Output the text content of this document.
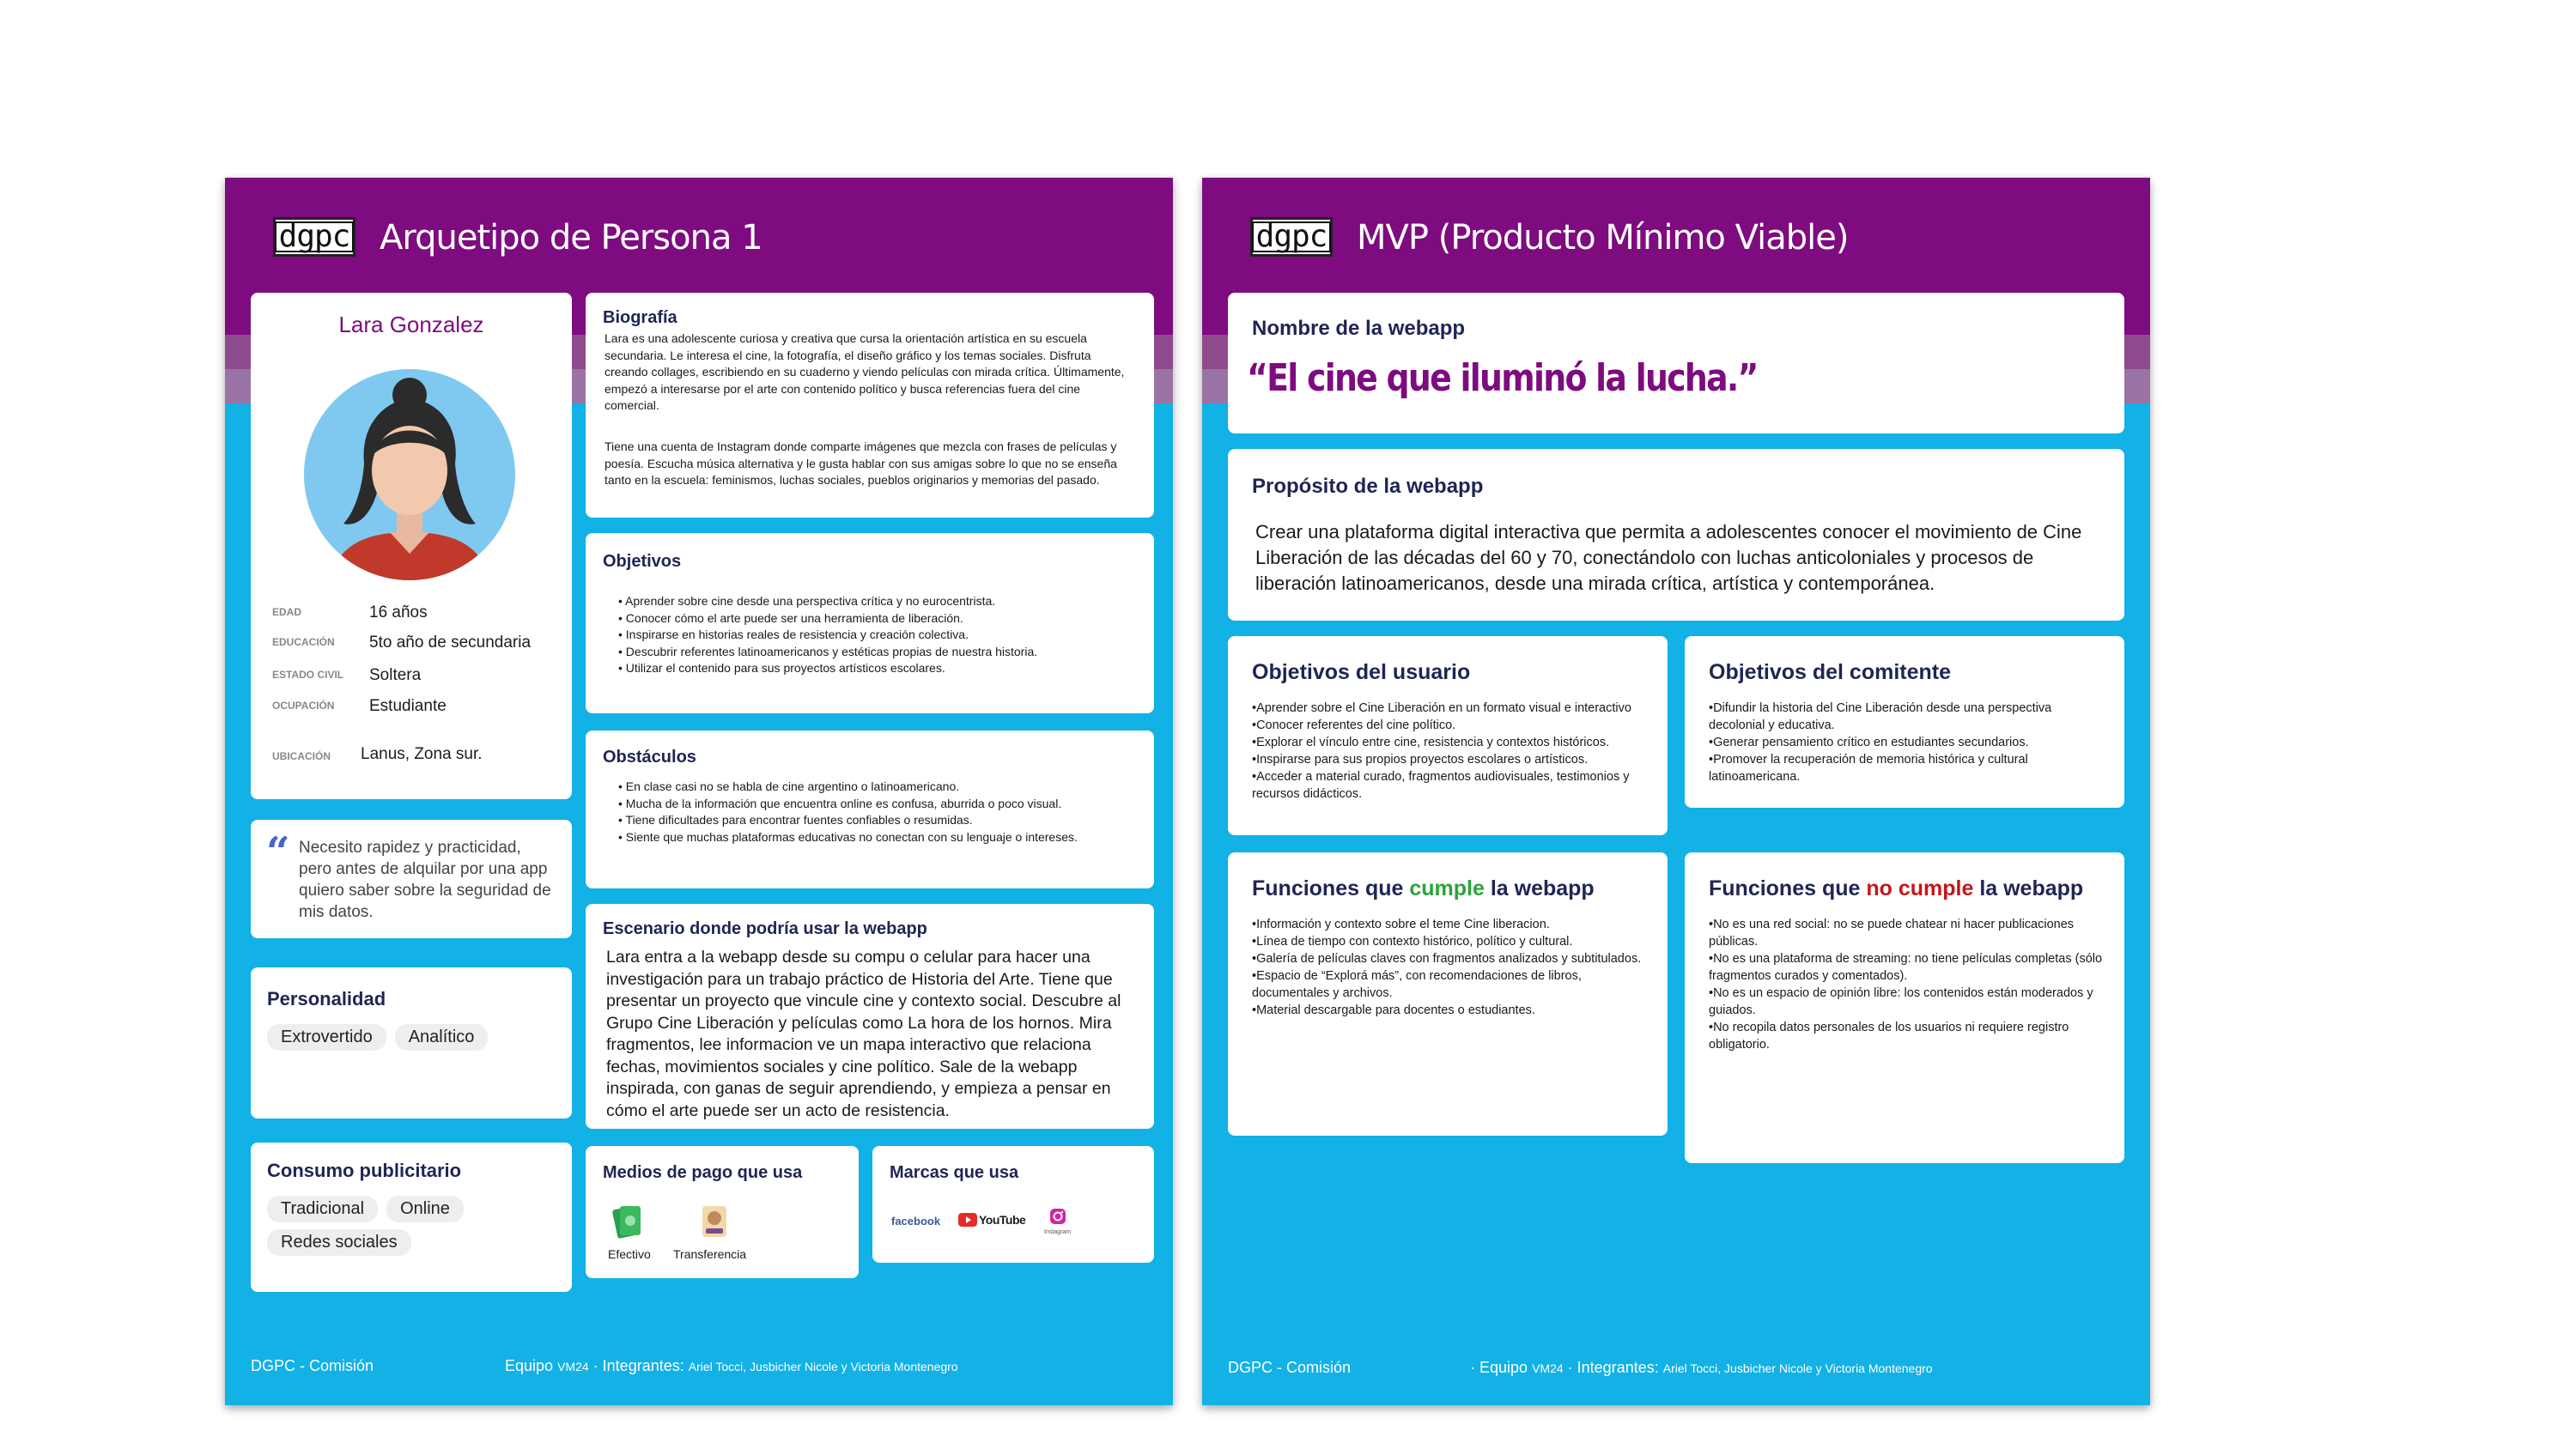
dgpc Arquetipo de Persona 1
Lara Gonzalez
EDAD	16 años
EDUCACIÓN 5to año de secundaria
ESTADO CIVIL Soltera
OCUPACIÓN Estudiante
UBICACIÓN Lanus, Zona sur.
“ Necesito rapidez y practicidad, pero antes de alquilar por una app quiero saber sobre la seguridad de mis datos.
Personalidad
Extrovertido Analítico
Consumo publicitario
Tradicional Online
Redes sociales
Biografía
Lara es una adolescente curiosa y creativa que cursa la orientación artística en su escuela secundaria. Le interesa el cine, la fotografía, el diseño gráfico y los temas sociales. Disfruta creando collages, escribiendo en su cuaderno y viendo películas con mirada crítica. Últimamente, empezó a interesarse por el arte con contenido político y busca referencias fuera del cine comercial.
Tiene una cuenta de Instagram donde comparte imágenes que mezcla con frases de películas y poesía. Escucha música alternativa y le gusta hablar con sus amigas sobre lo que no se enseña tanto en la escuela: feminismos, luchas sociales, pueblos originarios y memorias del pasado.
Objetivos
• Aprender sobre cine desde una perspectiva crítica y no eurocentrista.
• Conocer cómo el arte puede ser una herramienta de liberación.
• Inspirarse en historias reales de resistencia y creación colectiva.
• Descubrir referentes latinoamericanos y estéticas propias de nuestra historia.
• Utilizar el contenido para sus proyectos artísticos escolares.
Obstáculos
• En clase casi no se habla de cine argentino o latinoamericano.
• Mucha de la información que encuentra online es confusa, aburrida o poco visual.
• Tiene dificultades para encontrar fuentes confiables o resumidas.
• Siente que muchas plataformas educativas no conectan con su lenguaje o intereses.
Escenario donde podría usar la webapp
Lara entra a la webapp desde su compu o celular para hacer una investigación para un trabajo práctico de Historia del Arte. Tiene que presentar un proyecto que vincule cine y contexto social. Descubre al Grupo Cine Liberación y películas como La hora de los hornos. Mira fragmentos, lee informacion ve un mapa interactivo que relaciona fechas, movimientos sociales y cine político. Sale de la webapp inspirada, con ganas de seguir aprendiendo, y empieza a pensar en cómo el arte puede ser un acto de resistencia.
Medios de pago que usa
Efectivo Transferencia
Marcas que usa
facebook	YouTube
Instagram
DGPC - Comisión	Equipo VM24 · Integrantes: Ariel Tocci, Jusbicher Nicole y Victoria Montenegro
dgpc MVP (Producto Mínimo Viable)
Nombre de la webapp
“El cine que iluminó la lucha.”
Propósito de la webapp
Crear una plataforma digital interactiva que permita a adolescentes conocer el movimiento de Cine Liberación de las décadas del 60 y 70, conectándolo con luchas anticoloniales y procesos de liberación latinoamericanos, desde una mirada crítica, artística y contemporánea.
Objetivos del usuario
•Aprender sobre el Cine Liberación en un formato visual e interactivo
•Conocer referentes del cine político.
•Explorar el vínculo entre cine, resistencia y contextos históricos.
•Inspirarse para sus propios proyectos escolares o artísticos.
•Acceder a material curado, fragmentos audiovisuales, testimonios y recursos didácticos.
Objetivos del comitente
•Difundir la historia del Cine Liberación desde una perspectiva decolonial y educativa.
•Generar pensamiento crítico en estudiantes secundarios.
•Promover la recuperación de memoria histórica y cultural latinoamericana.
Funciones que cumple la webapp
•Información y contexto sobre el teme Cine liberacion.
•Línea de tiempo con contexto histórico, político y cultural.
•Galería de películas claves con fragmentos analizados y subtitulados.
•Espacio de “Explorá más”, con recomendaciones de libros, documentales y archivos.
•Material descargable para docentes o estudiantes.
Funciones que no cumple la webapp
•No es una red social: no se puede chatear ni hacer publicaciones públicas.
•No es una plataforma de streaming: no tiene películas completas (sólo fragmentos curados y comentados).
•No es un espacio de opinión libre: los contenidos están moderados y guiados.
•No recopila datos personales de los usuarios ni requiere registro obligatorio.
DGPC - Comisión	· Equipo VM24 · Integrantes: Ariel Tocci, Jusbicher Nicole y Victoria Montenegro
